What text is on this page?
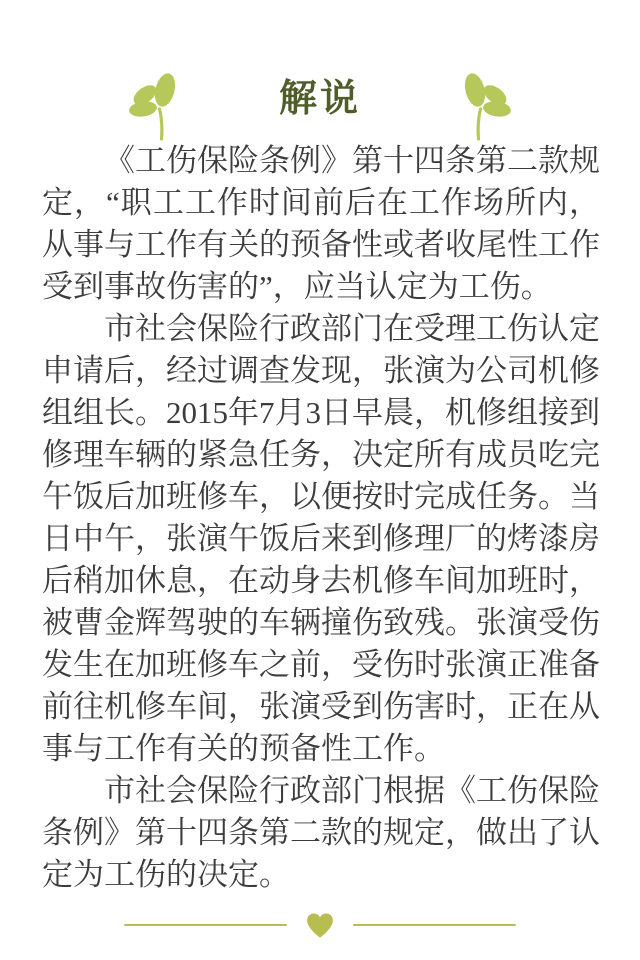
解说

《工伤保险条例》第十四条第二款规定，“职工工作时间前后在工作场所内，从事与工作有关的预备性或者收尾性工作受到事故伤害的”，应当认定为工伤。

市社会保险行政部门在受理工伤认定申请后，经过调查发现，张演为公司机修组组长。2015年7月3日早晨，机修组接到修理车辆的紧急任务，决定所有成员吃完午饭后加班修车，以便按时完成任务。当日中午，张演午饭后来到修理厂的烤漆房后稍加休息，在动身去机修车间加班时，被曹金辉驾驶的车辆撞伤致残。张演受伤发生在加班修车之前，受伤时张演正准备前往机修车间，张演受到伤害时，正在从事与工作有关的预备性工作。

市社会保险行政部门根据《工伤保险条例》第十四条第二款的规定，做出了认定为工伤的决定。
